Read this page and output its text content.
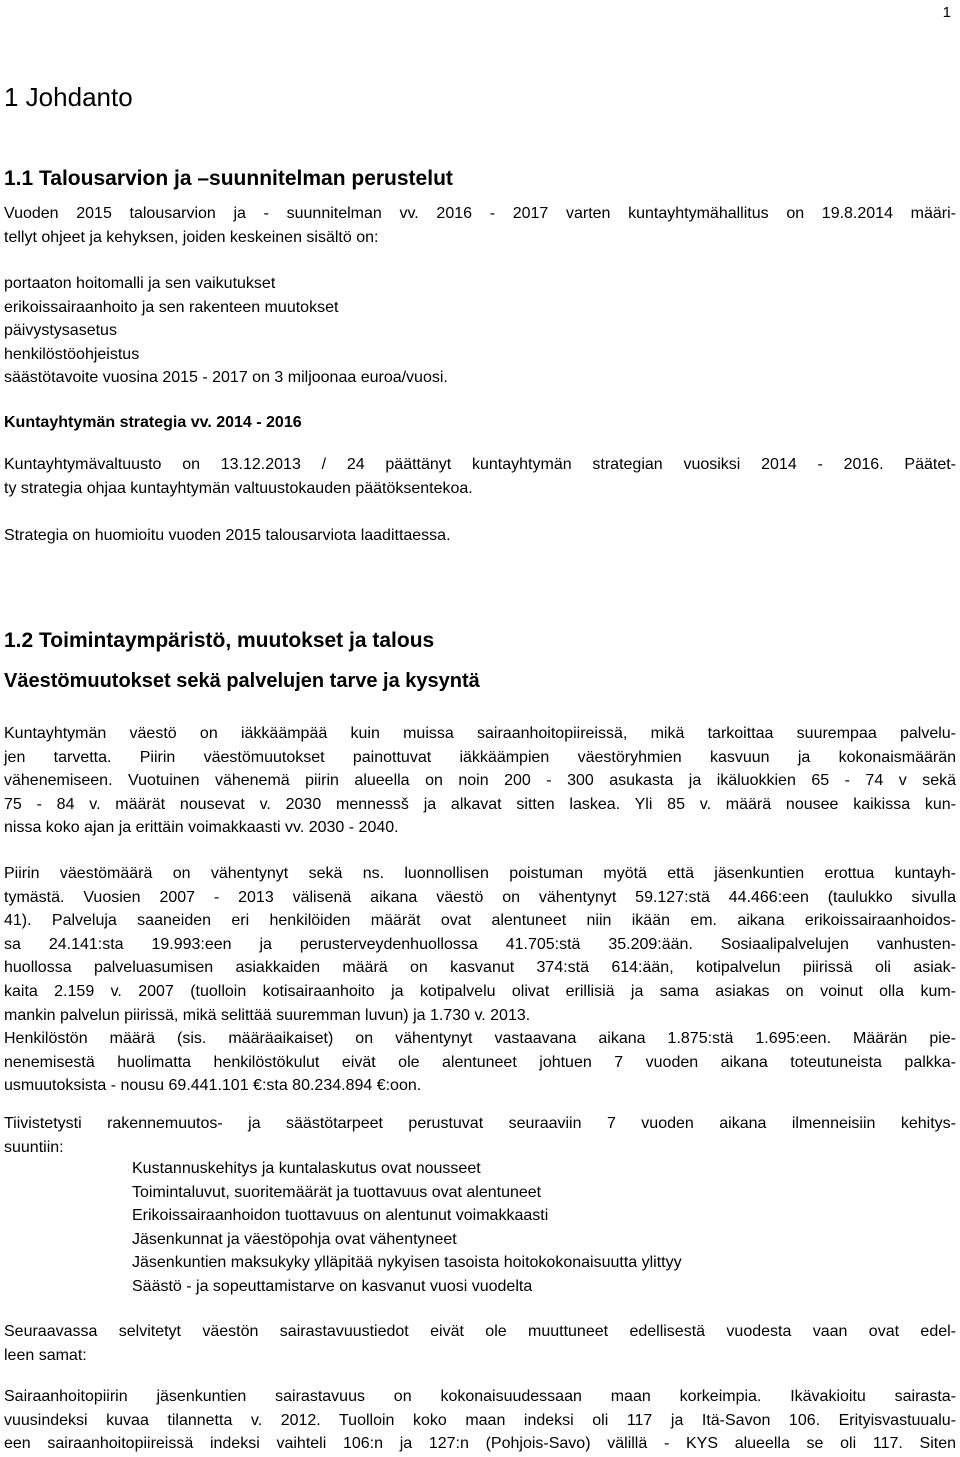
1
1 Johdanto
1.1 Talousarvion ja –suunnitelman perustelut
Vuoden 2015 talousarvion ja - suunnitelman vv. 2016 - 2017 varten kuntayhtymähallitus on 19.8.2014 määri-
tellyt ohjeet ja kehyksen, joiden keskeinen sisältö on:
portaaton hoitomalli ja sen vaikutukset
erikoissairaanhoito ja sen rakenteen muutokset
päivystysasetus
henkilöstöohjeistus
säästötavoite vuosina 2015 - 2017 on 3 miljoonaa euroa/vuosi.
Kuntayhtymän strategia vv. 2014 - 2016
Kuntayhtymävaltuusto on 13.12.2013 / 24 päättänyt kuntayhtymän strategian vuosiksi 2014 - 2016. Päätet-
ty strategia ohjaa kuntayhtymän valtuustokauden päätöksentekoa.
Strategia on huomioitu vuoden 2015 talousarviota laadittaessa.
1.2 Toimintaympäristö, muutokset ja talous
Väestömuutokset sekä palvelujen tarve ja kysyntä
Kuntayhtymän väestö on iäkkäämpää kuin muissa sairaanhoitopiireissä, mikä tarkoittaa suurempaa palvelu-
jen tarvetta. Piirin väestömuutokset painottuvat iäkkäämpien väestöryhmien kasvuun ja kokonaismäärän
vähenemiseen. Vuotuinen vähenemä piirin alueella on noin 200 - 300 asukasta ja ikäluokkien 65 - 74 v sekä
75 - 84 v. määrät nousevat v. 2030 mennessš ja alkavat sitten laskea. Yli 85 v. määrä nousee kaikissa kun-
nissa koko ajan ja erittäin voimakkaasti vv. 2030 - 2040.
Piirin väestömäärä on vähentynyt sekä ns. luonnollisen poistuman myötä että jäsenkuntien erottua kuntayh-
tymästä. Vuosien 2007 - 2013 välisenä aikana väestö on vähentynyt 59.127:stä 44.466:een (taulukko sivulla
41). Palveluja saaneiden eri henkilöiden määrät ovat alentuneet niin ikään em. aikana erikoissairaanhoidos-
sa 24.141:sta 19.993:een ja perusterveydenhuollossa 41.705:stä 35.209:ään. Sosiaalipalvelujen vanhusten-
huollossa palveluasumisen asiakkaiden määrä on kasvanut 374:stä 614:ään, kotipalvelun piirissä oli asiak-
kaita 2.159 v. 2007 (tuolloin kotisairaanhoito ja kotipalvelu olivat erillisiä ja sama asiakas on voinut olla kum-
mankin palvelun piirissä, mikä selittää suuremman luvun) ja 1.730 v. 2013.
Henkilöstön määrä (sis. määräaikaiset) on vähentynyt vastaavana aikana 1.875:stä 1.695:een. Määrän pie-
nenemisestä huolimatta henkilöstökulut eivät ole alentuneet johtuen 7 vuoden aikana toteutuneista palkka-
usmuutoksista - nousu 69.441.101 €:sta 80.234.894 €:oon.
Tiivistetysti rakennemuutos- ja säästötarpeet perustuvat seuraaviin 7 vuoden aikana ilmenneisiin kehitys-
suuntiin:
Kustannuskehitys ja kuntalaskutus ovat nousseet
Toimintaluvut, suoritemäärät ja tuottavuus ovat alentuneet
Erikoissairaanhoidon tuottavuus on alentunut voimakkaasti
Jäsenkunnat ja väestöpohja ovat vähentyneet
Jäsenkuntien maksukyky ylläpitää nykyisen tasoista hoitokokonaisuutta ylittyy
Säästö - ja sopeuttamistarve on kasvanut vuosi vuodelta
Seuraavassa selvitetyt väestön sairastavuustiedot eivät ole muuttuneet edellisestä vuodesta vaan ovat edel-
leen samat:
Sairaanhoitopiirin jäsenkuntien sairastavuus on kokonaisuudessaan maan korkeimpia. Ikävakioitu sairasta-
vuusindeksi kuvaa tilannetta v. 2012. Tuolloin koko maan indeksi oli 117 ja Itä-Savon 106. Erityisvastuualu-
een sairaanhoitopiireissä indeksi vaihteli 106:n ja 127:n (Pohjois-Savo) välillä - KYS alueella se oli 117. Siten
